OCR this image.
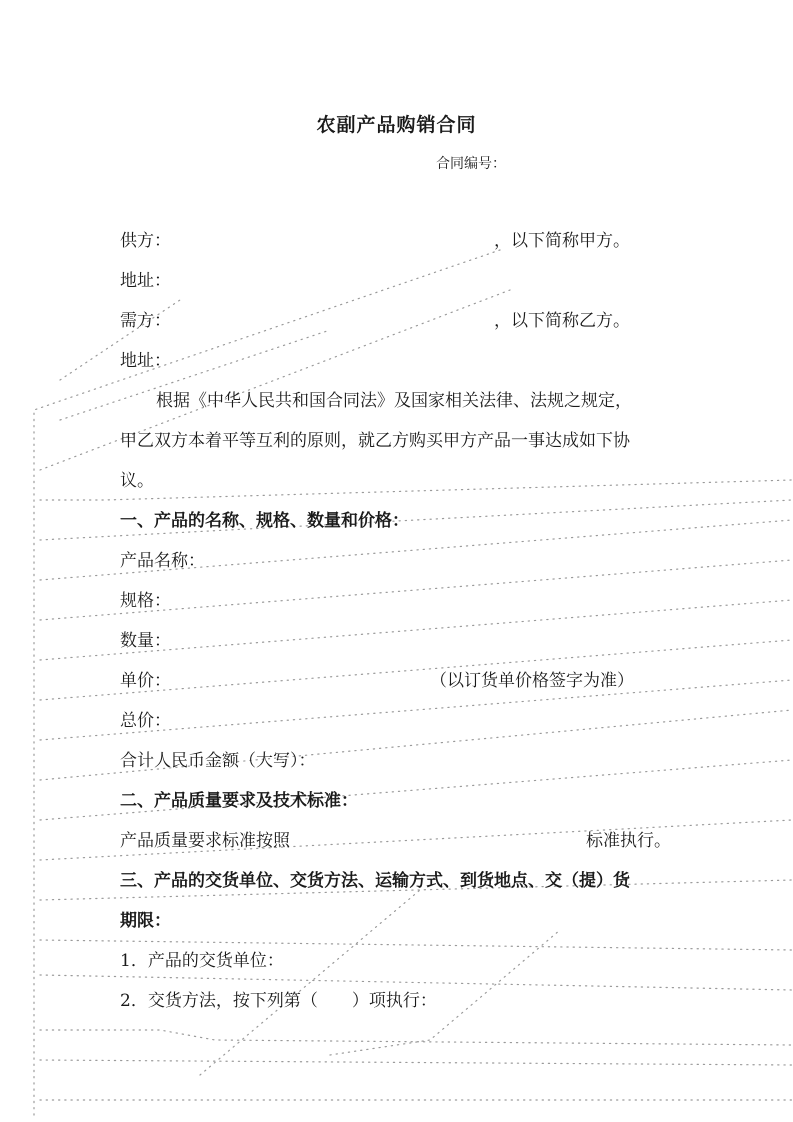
农副产品购销合同
合同编号：
供方：	，以下简称甲方。
地址：
需方：	，以下简称乙方。
地址：
根据《中华人民共和国合同法》及国家相关法律、法规之规定，
甲乙双方本着平等互利的原则，就乙方购买甲方产品一事达成如下协
议。
一、产品的名称、规格、数量和价格：
产品名称：
规格：
数量：
单价：	（以订货单价格签字为准）
总价：
合计人民币金额（大写）：
二、产品质量要求及技术标准：
产品质量要求标准按照	标准执行。
三、产品的交货单位、交货方法、运输方式、到货地点、交（提）货
期限：
1．产品的交货单位：
2．交货方法，按下列第（　　）项执行：
